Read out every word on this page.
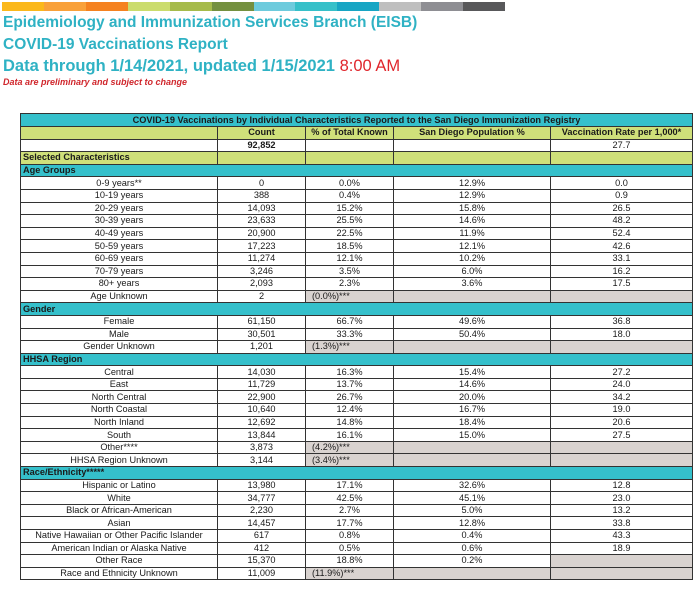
Epidemiology and Immunization Services Branch (EISB)
COVID-19 Vaccinations Report
Data through 1/14/2021, updated 1/15/2021 8:00 AM
Data are preliminary and subject to change
COVID-19 Vaccinations by Individual Characteristics Reported to the San Diego Immunization Registry				
	Count	% of Total Known	San Diego Population %	Vaccination Rate per 1,000*
	92,852			27.7
Selected Characteristics				
Age Groups				
0-9 years**	0	0.0%	12.9%	0.0
10-19 years	388	0.4%	12.9%	0.9
20-29 years	14,093	15.2%	15.8%	26.5
30-39 years	23,633	25.5%	14.6%	48.2
40-49 years	20,900	22.5%	11.9%	52.4
50-59 years	17,223	18.5%	12.1%	42.6
60-69 years	11,274	12.1%	10.2%	33.1
70-79 years	3,246	3.5%	6.0%	16.2
80+ years	2,093	2.3%	3.6%	17.5
Age Unknown	2	(0.0%)***		
Gender				
Female	61,150	66.7%	49.6%	36.8
Male	30,501	33.3%	50.4%	18.0
Gender Unknown	1,201	(1.3%)***		
HHSA Region				
Central	14,030	16.3%	15.4%	27.2
East	11,729	13.7%	14.6%	24.0
North Central	22,900	26.7%	20.0%	34.2
North Coastal	10,640	12.4%	16.7%	19.0
North Inland	12,692	14.8%	18.4%	20.6
South	13,844	16.1%	15.0%	27.5
Other****	3,873	(4.2%)***		
HHSA Region Unknown	3,144	(3.4%)***		
Race/Ethnicity*****				
Hispanic or Latino	13,980	17.1%	32.6%	12.8
White	34,777	42.5%	45.1%	23.0
Black or African-American	2,230	2.7%	5.0%	13.2
Asian	14,457	17.7%	12.8%	33.8
Native Hawaiian or Other Pacific Islander	617	0.8%	0.4%	43.3
American Indian or Alaska Native	412	0.5%	0.6%	18.9
Other Race	15,370	18.8%	0.2%	
Race and Ethnicity Unknown	11,009	(11.9%)***		
